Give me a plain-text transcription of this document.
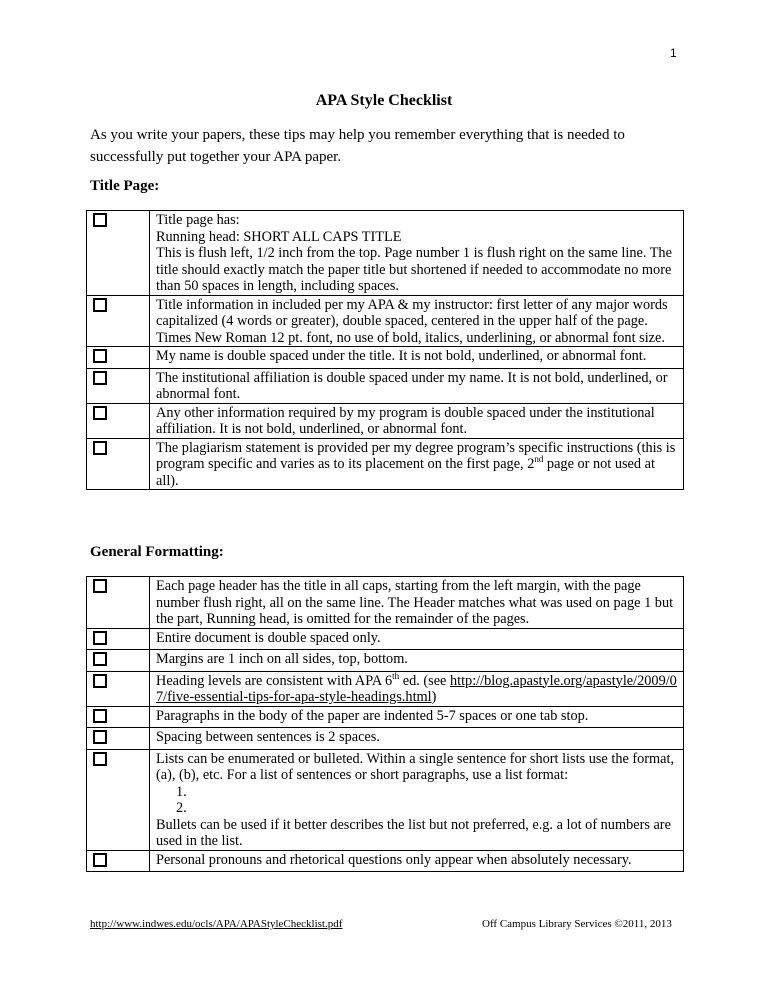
1
APA Style Checklist
As you write your papers, these tips may help you remember everything that is needed to successfully put together your APA paper.
Title Page:

	Title page has:
Running head: SHORT ALL CAPS TITLE
This is flush left, 1/2 inch from the top. Page number 1 is flush right on the same line. The title should exactly match the paper title but shortened if needed to accommodate no more than 50 spaces in length, including spaces.

	Title information in included per my APA & my instructor: first letter of any major words capitalized (4 words or greater), double spaced, centered in the upper half of the page. Times New Roman 12 pt. font, no use of bold, italics, underlining, or abnormal font size.
	My name is double spaced under the title. It is not bold, underlined, or abnormal font.
	The institutional affiliation is double spaced under my name. It is not bold, underlined, or abnormal font.
	Any other information required by my program is double spaced under the institutional affiliation. It is not bold, underlined, or abnormal font.
	The plagiarism statement is provided per my degree program’s specific instructions (this is program specific and varies as to its placement on the first page, 2nd page or not used at all).
General Formatting:
	Each page header has the title in all caps, starting from the left margin, with the page number flush right, all on the same line. The Header matches what was used on page 1 but the part, Running head, is omitted for the remainder of the pages.
	Entire document is double spaced only.
	Margins are 1 inch on all sides, top, bottom.
	Heading levels are consistent with APA 6th ed. (see http://blog.apastyle.org/apastyle/2009/07/five-essential-tips-for-apa-style-headings.html)
	Paragraphs in the body of the paper are indented 5-7 spaces or one tab stop.
	Spacing between sentences is 2 spaces.

	Lists can be enumerated or bulleted. Within a single sentence for short lists use the format, (a), (b), etc. For a list of sentences or short paragraphs, use a list format:
1.
2.
Bullets can be used if it better describes the list but not preferred, e.g. a lot of numbers are used in the list.

	Personal pronouns and rhetorical questions only appear when absolutely necessary.
http://www.indwes.edu/ocls/APA/APAStyleChecklist.pdf	Off Campus Library Services ©2011, 2013
